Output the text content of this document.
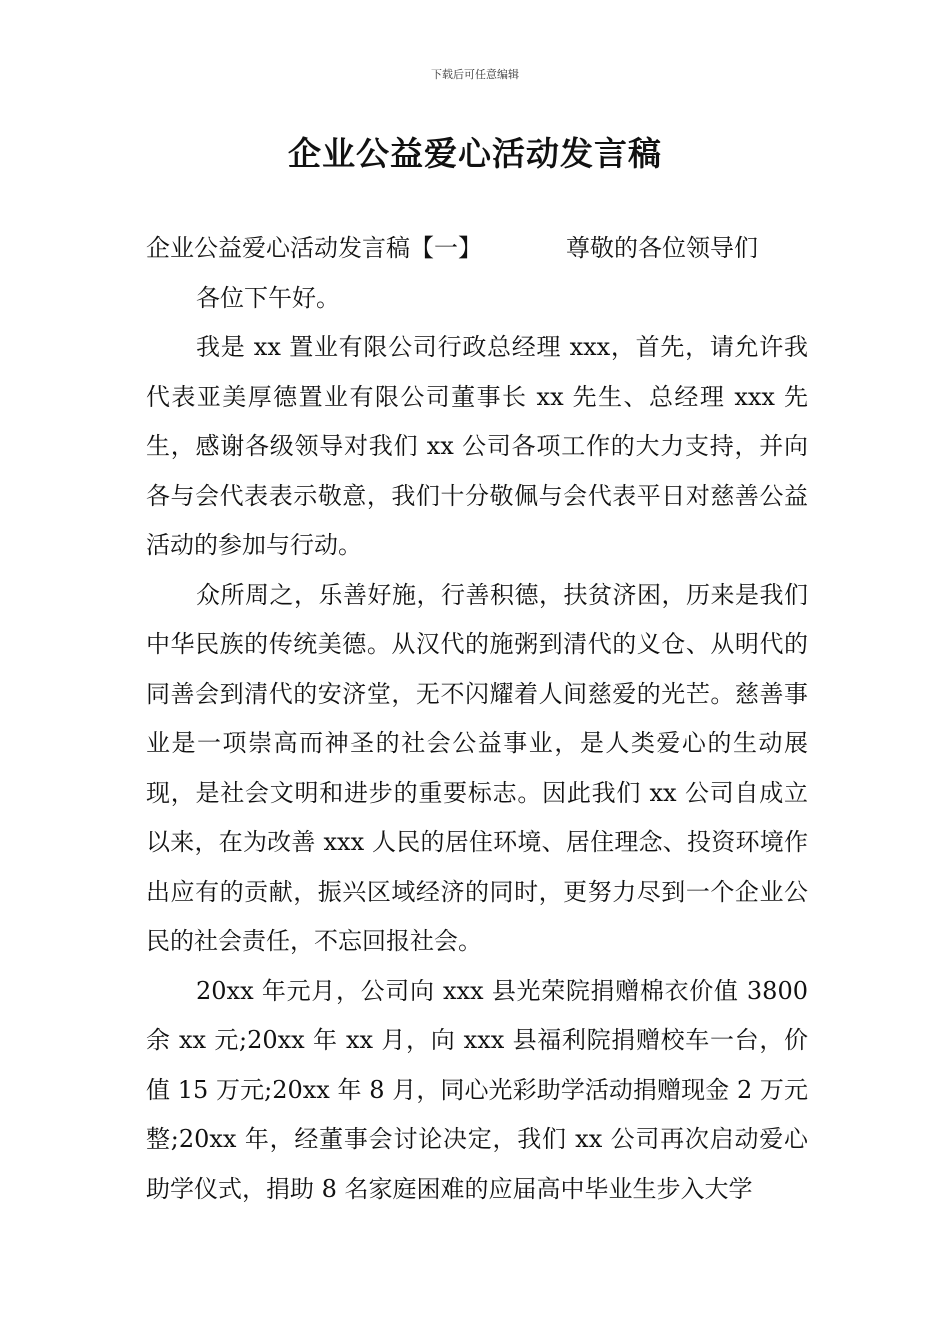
下载后可任意编辑
企业公益爱心活动发言稿
企业公益爱心活动发言稿【一】	尊敬的各位领导们

各位下午好。

我是 xx 置业有限公司行政总经理 xxx，首先，请允许我代表亚美厚德置业有限公司董事长 xx 先生、总经理 xxx 先生，感谢各级领导对我们 xx 公司各项工作的大力支持，并向各与会代表表示敬意，我们十分敬佩与会代表平日对慈善公益活动的参加与行动。

众所周之，乐善好施，行善积德，扶贫济困，历来是我们中华民族的传统美德。从汉代的施粥到清代的义仓、从明代的同善会到清代的安济堂，无不闪耀着人间慈爱的光芒。慈善事业是一项崇高而神圣的社会公益事业，是人类爱心的生动展现，是社会文明和进步的重要标志。因此我们 xx 公司自成立以来，在为改善 xxx 人民的居住环境、居住理念、投资环境作出应有的贡献，振兴区域经济的同时，更努力尽到一个企业公民的社会责任，不忘回报社会。

20xx 年元月，公司向 xxx 县光荣院捐赠棉衣价值 3800 余 xx 元;20xx 年 xx 月，向 xxx 县福利院捐赠校车一台，价值 15 万元;20xx 年 8 月，同心光彩助学活动捐赠现金 2 万元整;20xx 年，经董事会讨论决定，我们 xx 公司再次启动爱心助学仪式，捐助 8 名家庭困难的应届高中毕业生步入大学
